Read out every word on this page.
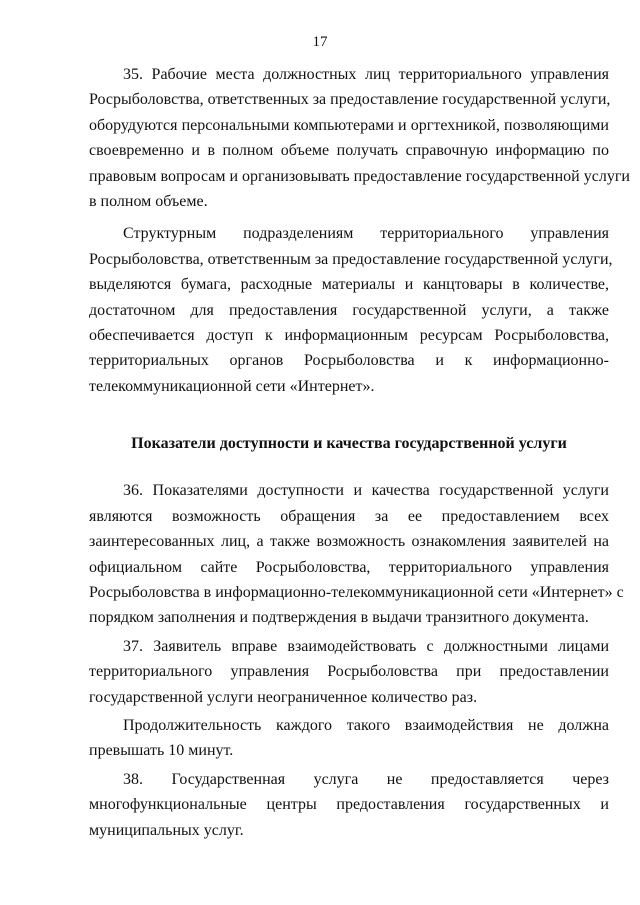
17
35. Рабочие места должностных лиц территориального управления
Росрыболовства, ответственных за предоставление государственной услуги,
оборудуются персональными компьютерами и оргтехникой, позволяющими
своевременно и в полном объеме получать справочную информацию по
правовым вопросам и организовывать предоставление государственной услуги
в полном объеме.
Структурным подразделениям территориального управления
Росрыболовства, ответственным за предоставление государственной услуги,
выделяются бумага, расходные материалы и канцтовары в количестве,
достаточном для предоставления государственной услуги, а также
обеспечивается доступ к информационным ресурсам Росрыболовства,
территориальных органов Росрыболовства и к информационно-
телекоммуникационной сети «Интернет».
Показатели доступности и качества государственной услуги
36. Показателями доступности и качества государственной услуги
являются возможность обращения за ее предоставлением всех
заинтересованных лиц, а также возможность ознакомления заявителей на
официальном сайте Росрыболовства, территориального управления
Росрыболовства в информационно-телекоммуникационной сети «Интернет» с
порядком заполнения и подтверждения в выдачи транзитного документа.
37. Заявитель вправе взаимодействовать с должностными лицами
территориального управления Росрыболовства при предоставлении
государственной услуги неограниченное количество раз.
Продолжительность каждого такого взаимодействия не должна
превышать 10 минут.
38. Государственная услуга не предоставляется через
многофункциональные центры предоставления государственных и
муниципальных услуг.
